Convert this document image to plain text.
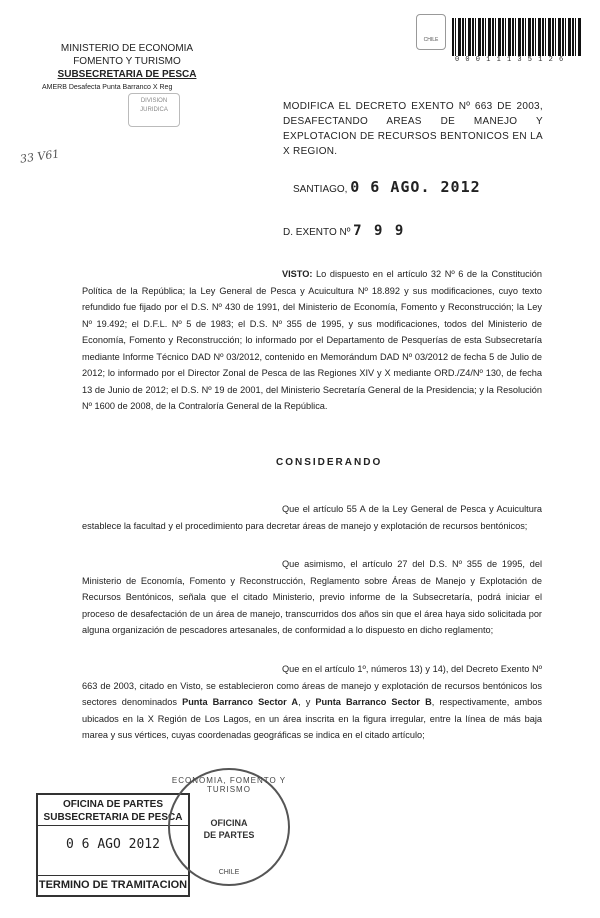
MINISTERIO DE ECONOMIA
FOMENTO Y TURISMO
SUBSECRETARIA DE PESCA
AMERB Desafecta Punta Barranco X Reg
DIVISION
JURIDICA
33 V61
CHILE
0 0 0 1 1 1 3 5 1 2 6
MODIFICA EL DECRETO EXENTO Nº 663 DE 2003, DESAFECTANDO AREAS DE MANEJO Y EXPLOTACION DE RECURSOS BENTONICOS EN LA X REGION.
SANTIAGO, 0 6 AGO. 2012
D. EXENTO Nº 7 9 9
VISTO: Lo dispuesto en el artículo 32 Nº 6 de la Constitución Política de la República; la Ley General de Pesca y Acuicultura Nº 18.892 y sus modificaciones, cuyo texto refundido fue fijado por el D.S. Nº 430 de 1991, del Ministerio de Economía, Fomento y Reconstrucción; la Ley Nº 19.492; el D.F.L. Nº 5 de 1983; el D.S. Nº 355 de 1995, y sus modificaciones, todos del Ministerio de Economía, Fomento y Reconstrucción; lo informado por el Departamento de Pesquerías de esta Subsecretaría mediante Informe Técnico DAD Nº 03/2012, contenido en Memorándum DAD Nº 03/2012 de fecha 5 de Julio de 2012; lo informado por el Director Zonal de Pesca de las Regiones XIV y X mediante ORD./Z4/Nº 130, de fecha 13 de Junio de 2012; el D.S. Nº 19 de 2001, del Ministerio Secretaría General de la Presidencia; y la Resolución Nº 1600 de 2008, de la Contraloría General de la República.
CONSIDERANDO
Que el artículo 55 A de la Ley General de Pesca y Acuicultura establece la facultad y el procedimiento para decretar áreas de manejo y explotación de recursos bentónicos;
Que asimismo, el artículo 27 del D.S. Nº 355 de 1995, del Ministerio de Economía, Fomento y Reconstrucción, Reglamento sobre Áreas de Manejo y Explotación de Recursos Bentónicos, señala que el citado Ministerio, previo informe de la Subsecretaría, podrá iniciar el proceso de desafectación de un área de manejo, transcurridos dos años sin que el área haya sido solicitada por alguna organización de pescadores artesanales, de conformidad a lo dispuesto en dicho reglamento;
Que en el artículo 1º, números 13) y 14), del Decreto Exento Nº 663 de 2003, citado en Visto, se establecieron como áreas de manejo y explotación de recursos bentónicos los sectores denominados Punta Barranco Sector A, y Punta Barranco Sector B, respectivamente, ambos ubicados en la X Región de Los Lagos, en un área inscrita en la figura irregular, entre la línea de más baja marea y sus vértices, cuyas coordenadas geográficas se indica en el citado artículo;
OFICINA DE PARTES
SUBSECRETARIA DE PESCA
0 6 AGO 2012
TERMINO DE TRAMITACION
ECONOMIA, FOMENTO Y TURISMO
OFICINA
DE PARTES
CHILE
